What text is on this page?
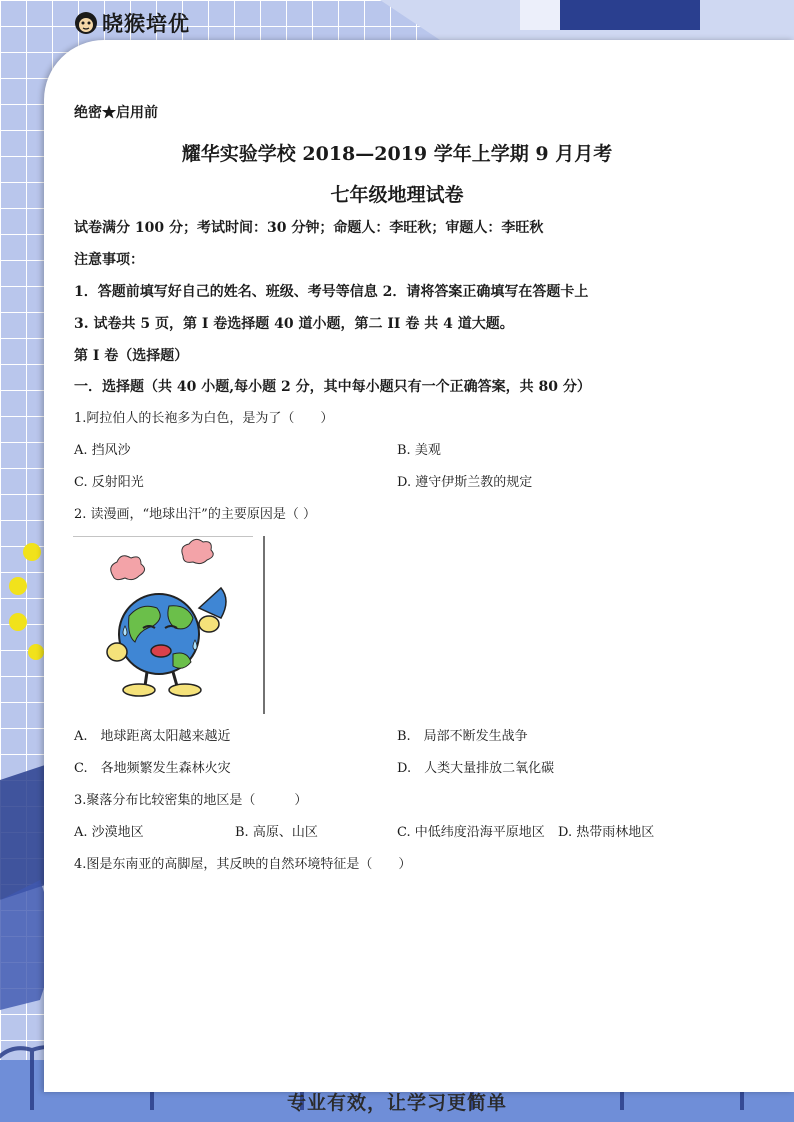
晓猴培优
绝密★启用前
耀华实验学校 2018—2019 学年上学期 9 月月考
七年级地理试卷
试卷满分 100 分；考试时间：30 分钟；命题人：李旺秋；审题人：李旺秋
注意事项：
1．答题前填写好自己的姓名、班级、考号等信息 2．请将答案正确填写在答题卡上
3. 试卷共 5 页，第 I 卷选择题 40 道小题，第二 II 卷 共 4 道大题。
第 I 卷（选择题）
一．选择题（共 40 小题,每小题 2 分，其中每小题只有一个正确答案，共 80 分）
1.阿拉伯人的长袍多为白色，是为了（　　）
A. 挡风沙	B. 美观
C. 反射阳光	D. 遵守伊斯兰教的规定
2. 读漫画，“地球出汗”的主要原因是（ ）
A.　地球距离太阳越来越近	B.　局部不断发生战争
C.　各地频繁发生森林火灾	D.　人类大量排放二氧化碳
3.聚落分布比较密集的地区是（　　　）
A. 沙漠地区	B. 高原、山区	C. 中低纬度沿海平原地区 D. 热带雨林地区
4.图是东南亚的高脚屋，其反映的自然环境特征是（　　）
专业有效，让学习更简单
